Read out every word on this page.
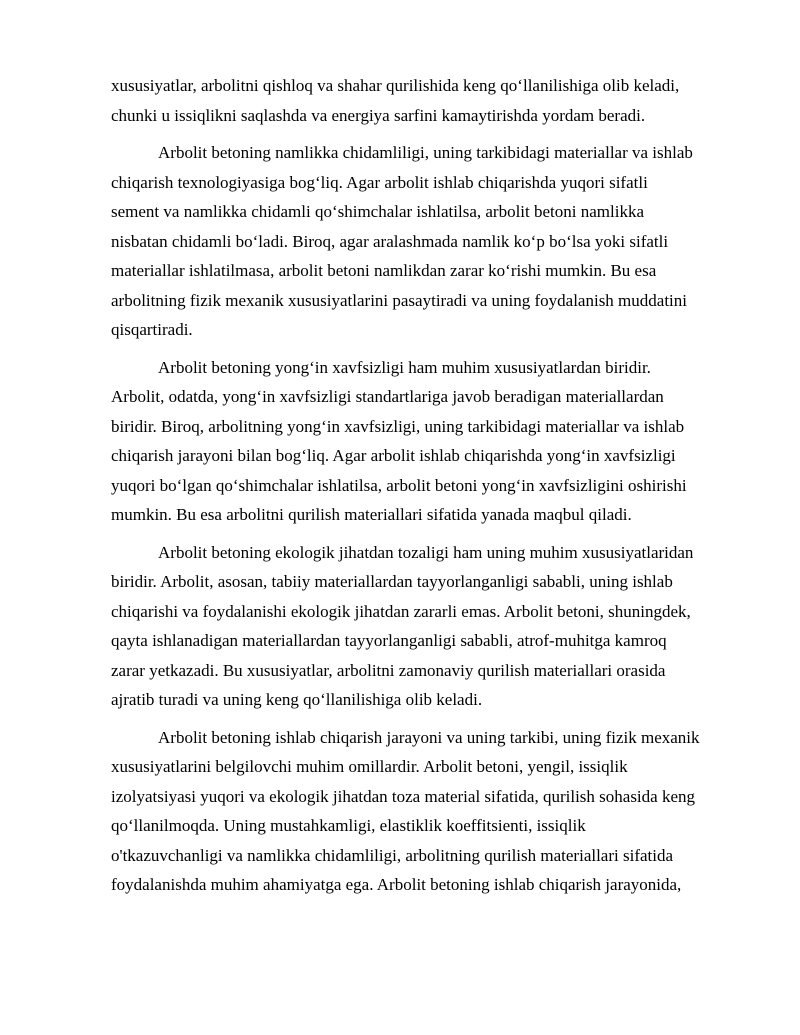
xususiyatlar, arbolitni qishloq va shahar qurilishida keng qo‘llanilishiga olib keladi,
chunki u issiqlikni saqlashda va energiya sarfini kamaytirishda yordam beradi.

Arbolit betoning namlikka chidamliligi, uning tarkibidagi materiallar va ishlab
chiqarish texnologiyasiga bog‘liq. Agar arbolit ishlab chiqarishda yuqori sifatli
sement va namlikka chidamli qo‘shimchalar ishlatilsa, arbolit betoni namlikka
nisbatan chidamli bo‘ladi. Biroq, agar aralashmada namlik ko‘p bo‘lsa yoki sifatli
materiallar ishlatilmasa, arbolit betoni namlikdan zarar ko‘rishi mumkin. Bu esa
arbolitning fizik mexanik xususiyatlarini pasaytiradi va uning foydalanish muddatini
qisqartiradi.

Arbolit betoning yong‘in xavfsizligi ham muhim xususiyatlardan biridir.
Arbolit, odatda, yong‘in xavfsizligi standartlariga javob beradigan materiallardan
biridir. Biroq, arbolitning yong‘in xavfsizligi, uning tarkibidagi materiallar va ishlab
chiqarish jarayoni bilan bog‘liq. Agar arbolit ishlab chiqarishda yong‘in xavfsizligi
yuqori bo‘lgan qo‘shimchalar ishlatilsa, arbolit betoni yong‘in xavfsizligini oshirishi
mumkin. Bu esa arbolitni qurilish materiallari sifatida yanada maqbul qiladi.

Arbolit betoning ekologik jihatdan tozaligi ham uning muhim xususiyatlaridan
biridir. Arbolit, asosan, tabiiy materiallardan tayyorlanganligi sababli, uning ishlab
chiqarishi va foydalanishi ekologik jihatdan zararli emas. Arbolit betoni, shuningdek,
qayta ishlanadigan materiallardan tayyorlanganligi sababli, atrof-muhitga kamroq
zarar yetkazadi. Bu xususiyatlar, arbolitni zamonaviy qurilish materiallari orasida
ajratib turadi va uning keng qo‘llanilishiga olib keladi.

Arbolit betoning ishlab chiqarish jarayoni va uning tarkibi, uning fizik mexanik
xususiyatlarini belgilovchi muhim omillardir. Arbolit betoni, yengil, issiqlik
izolyatsiyasi yuqori va ekologik jihatdan toza material sifatida, qurilish sohasida keng
qo‘llanilmoqda. Uning mustahkamligi, elastiklik koeffitsienti, issiqlik
o'tkazuvchanligi va namlikka chidamliligi, arbolitning qurilish materiallari sifatida
foydalanishda muhim ahamiyatga ega. Arbolit betoning ishlab chiqarish jarayonida,
